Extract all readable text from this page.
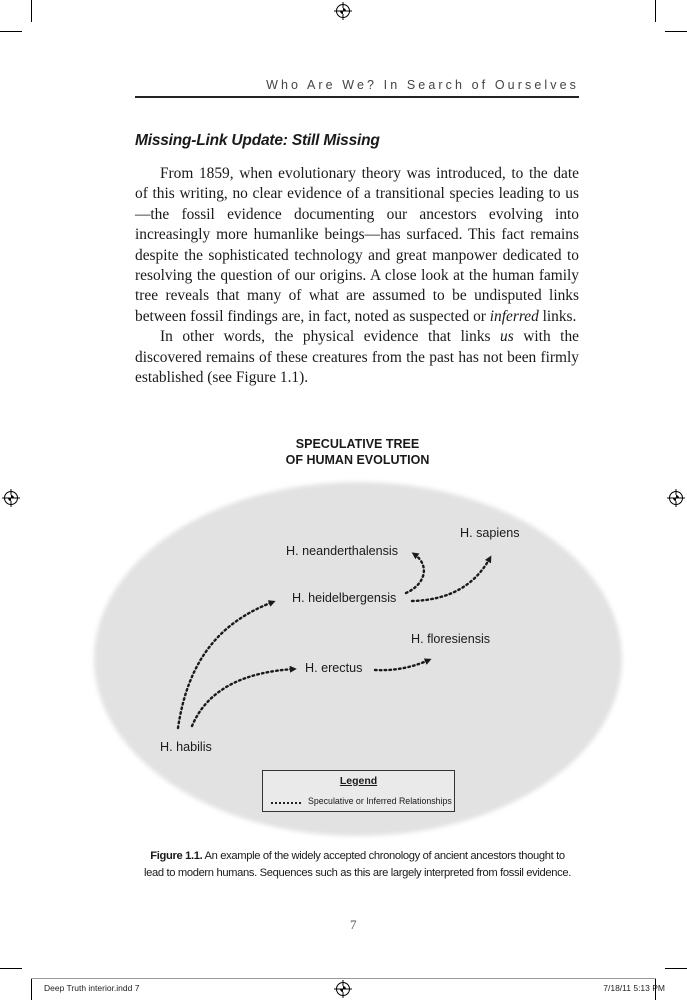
Who Are We? In Search of Ourselves
Missing-Link Update: Still Missing

From 1859, when evolutionary theory was introduced, to the date of this writing, no clear evidence of a transitional species leading to us—the fossil evidence documenting our ancestors evolving into increasingly more humanlike beings—has surfaced. This fact remains despite the sophisticated technology and great manpower dedicated to resolving the question of our origins. A close look at the human family tree reveals that many of what are assumed to be undisputed links between fossil findings are, in fact, noted as suspected or inferred links.

In other words, the physical evidence that links us with the discovered remains of these creatures from the past has not been firmly established (see Figure 1.1).

SPECULATIVE TREE
OF HUMAN EVOLUTION
H. sapiens
H. neanderthalensis
H. heidelbergensis
H. floresiensis
H. erectus
H. habilis
Legend
Speculative or Inferred Relationships
Figure 1.1. An example of the widely accepted chronology of ancient ancestors thought to
lead to modern humans. Sequences such as this are largely interpreted from fossil evidence.
7
Deep Truth interior.indd 7	7/18/11 5:13 PM
